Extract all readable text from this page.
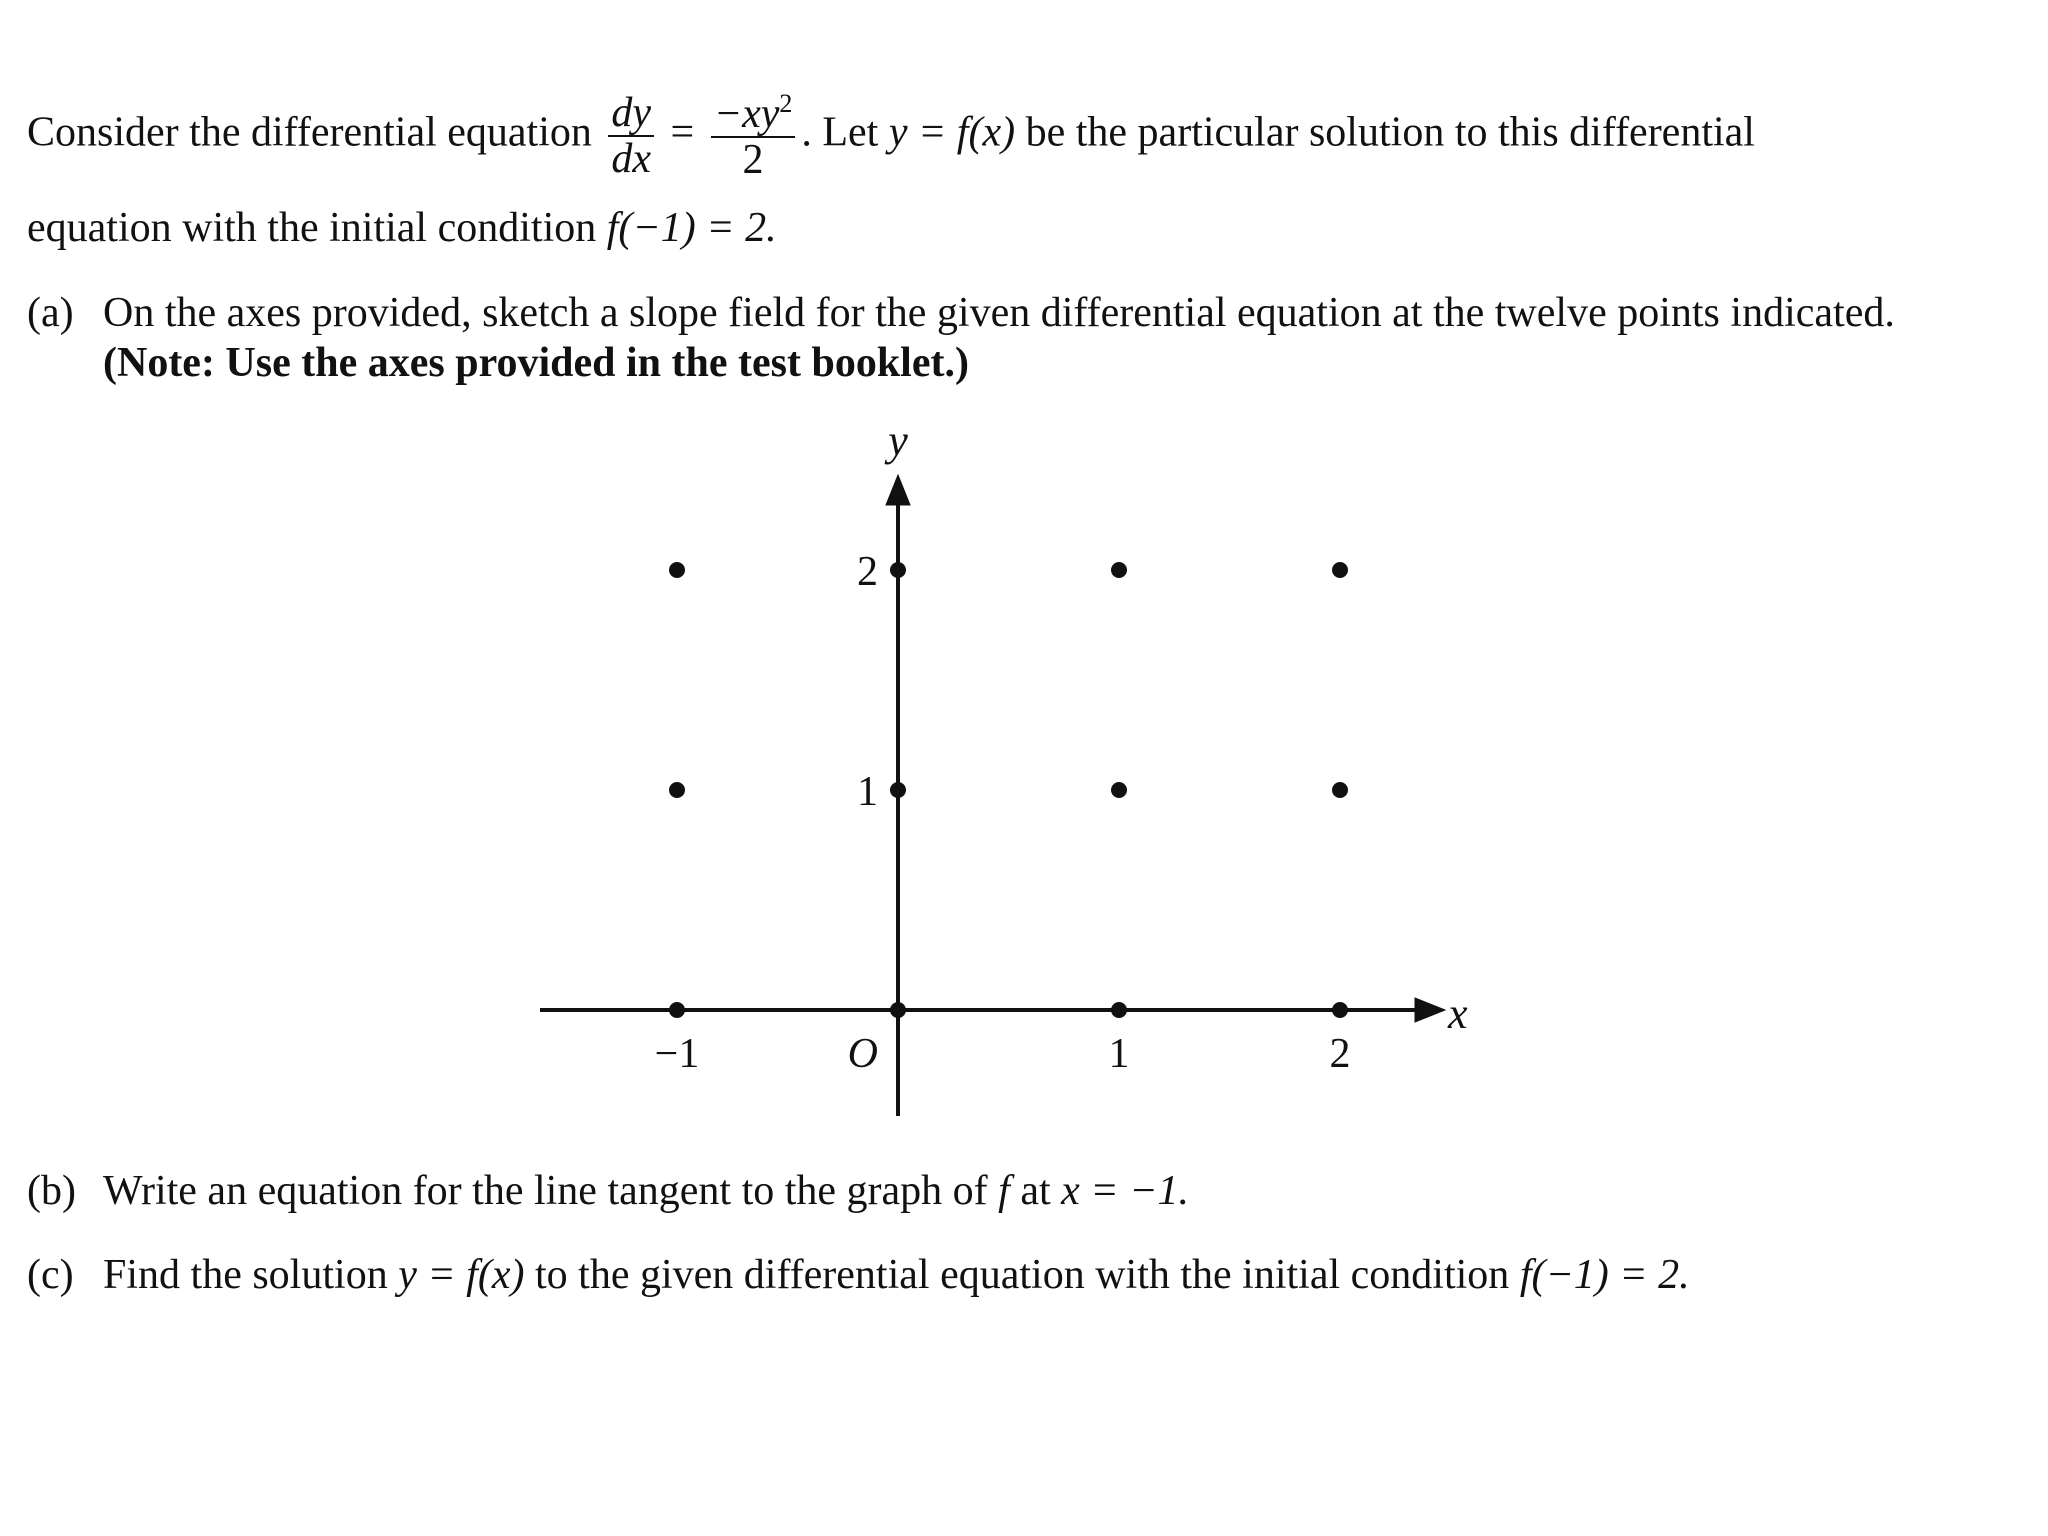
Consider the differential equation $\frac{dy}{dx} = \frac{-xy^2}{2}$ . Let y = f(x) be the particular solution to this differential
equation with the initial condition f(−1) = 2.
(a) On the axes provided, sketch a slope field for the given differential equation at the twelve points indicated.
(Note: Use the axes provided in the test booklet.)
−1	1	2
1
2
O
x
y
(b) Write an equation for the line tangent to the graph of f at x = −1.
(c) Find the solution y = f(x) to the given differential equation with the initial condition f(−1) = 2.
